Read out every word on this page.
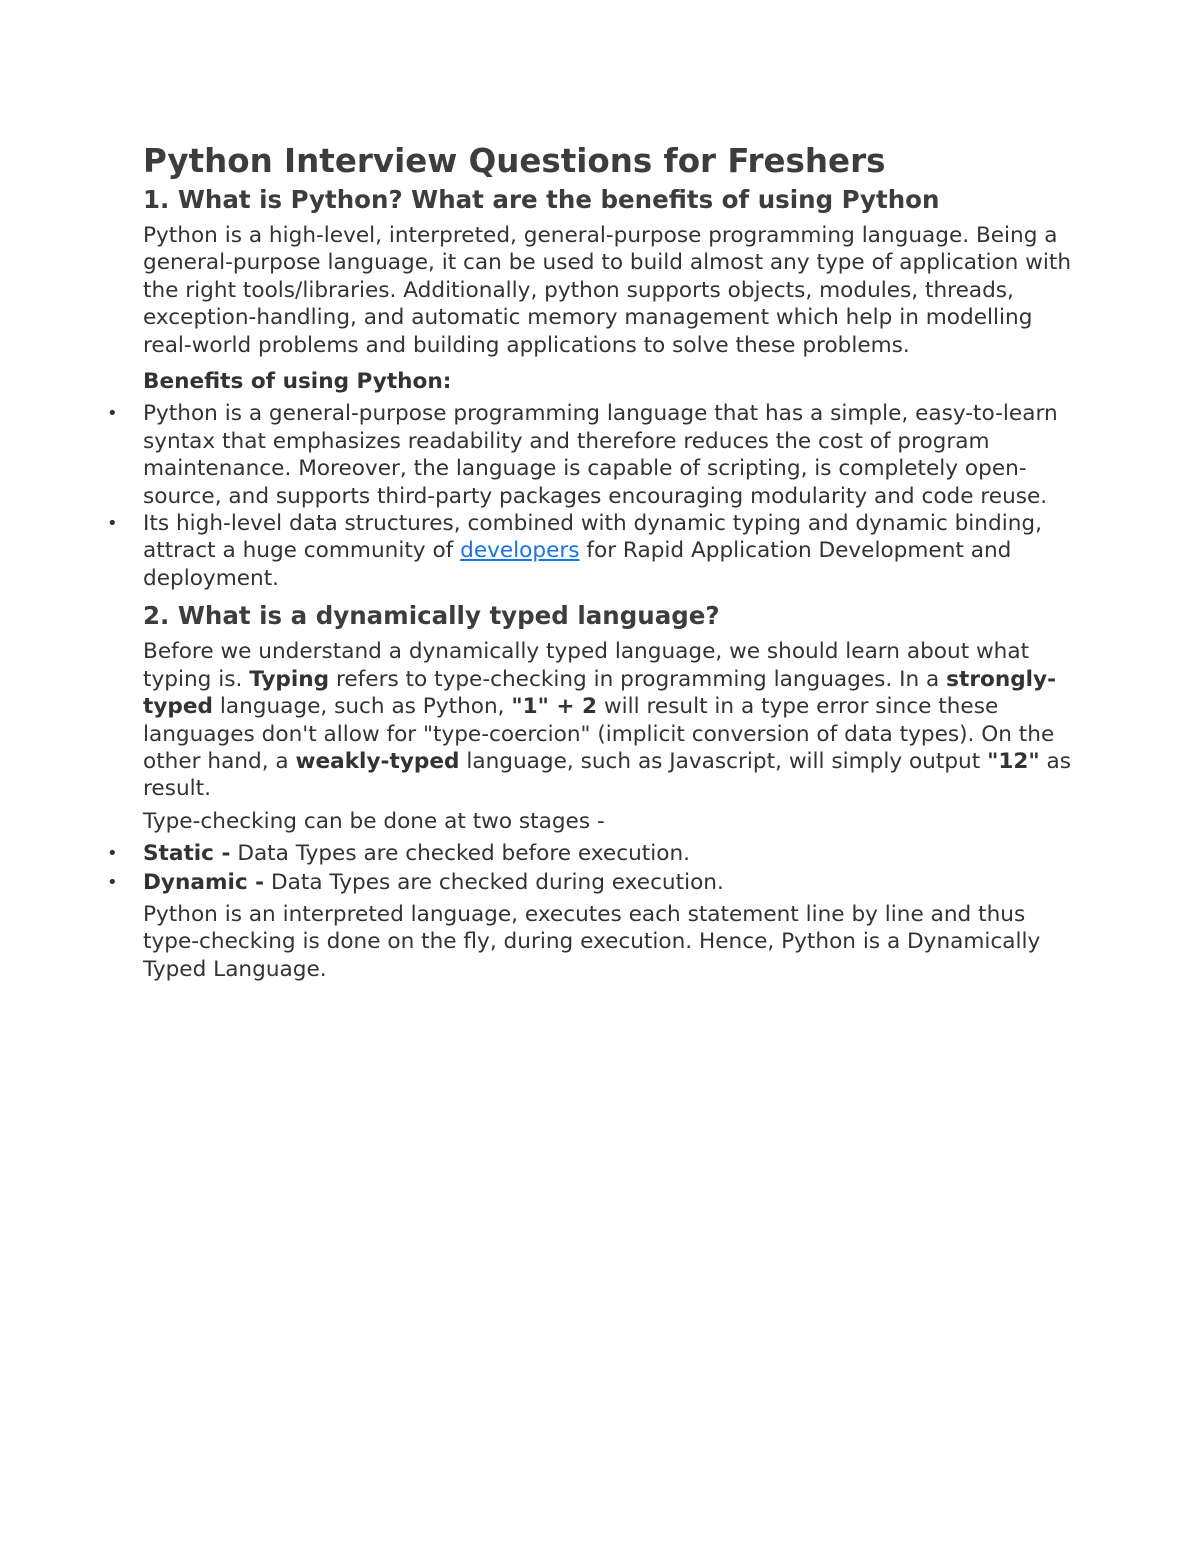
Python Interview Questions for Freshers
1. What is Python? What are the benefits of using Python

Python is a high-level, interpreted, general-purpose programming language. Being a general-purpose language, it can be used to build almost any type of application with the right tools/libraries. Additionally, python supports objects, modules, threads, exception-handling, and automatic memory management which help in modelling real-world problems and building applications to solve these problems.

Benefits of using Python:

• Python is a general-purpose programming language that has a simple, easy-to-learn syntax that emphasizes readability and therefore reduces the cost of program maintenance. Moreover, the language is capable of scripting, is completely open-source, and supports third-party packages encouraging modularity and code reuse.
• Its high-level data structures, combined with dynamic typing and dynamic binding, attract a huge community of developers for Rapid Application Development and deployment.
2. What is a dynamically typed language?

Before we understand a dynamically typed language, we should learn about what typing is. Typing refers to type-checking in programming languages. In a strongly-typed language, such as Python, "1" + 2 will result in a type error since these languages don't allow for "type-coercion" (implicit conversion of data types). On the other hand, a weakly-typed language, such as Javascript, will simply output "12" as result.

Type-checking can be done at two stages -

• Static - Data Types are checked before execution.
• Dynamic - Data Types are checked during execution.

Python is an interpreted language, executes each statement line by line and thus type-checking is done on the fly, during execution. Hence, Python is a Dynamically Typed Language.
